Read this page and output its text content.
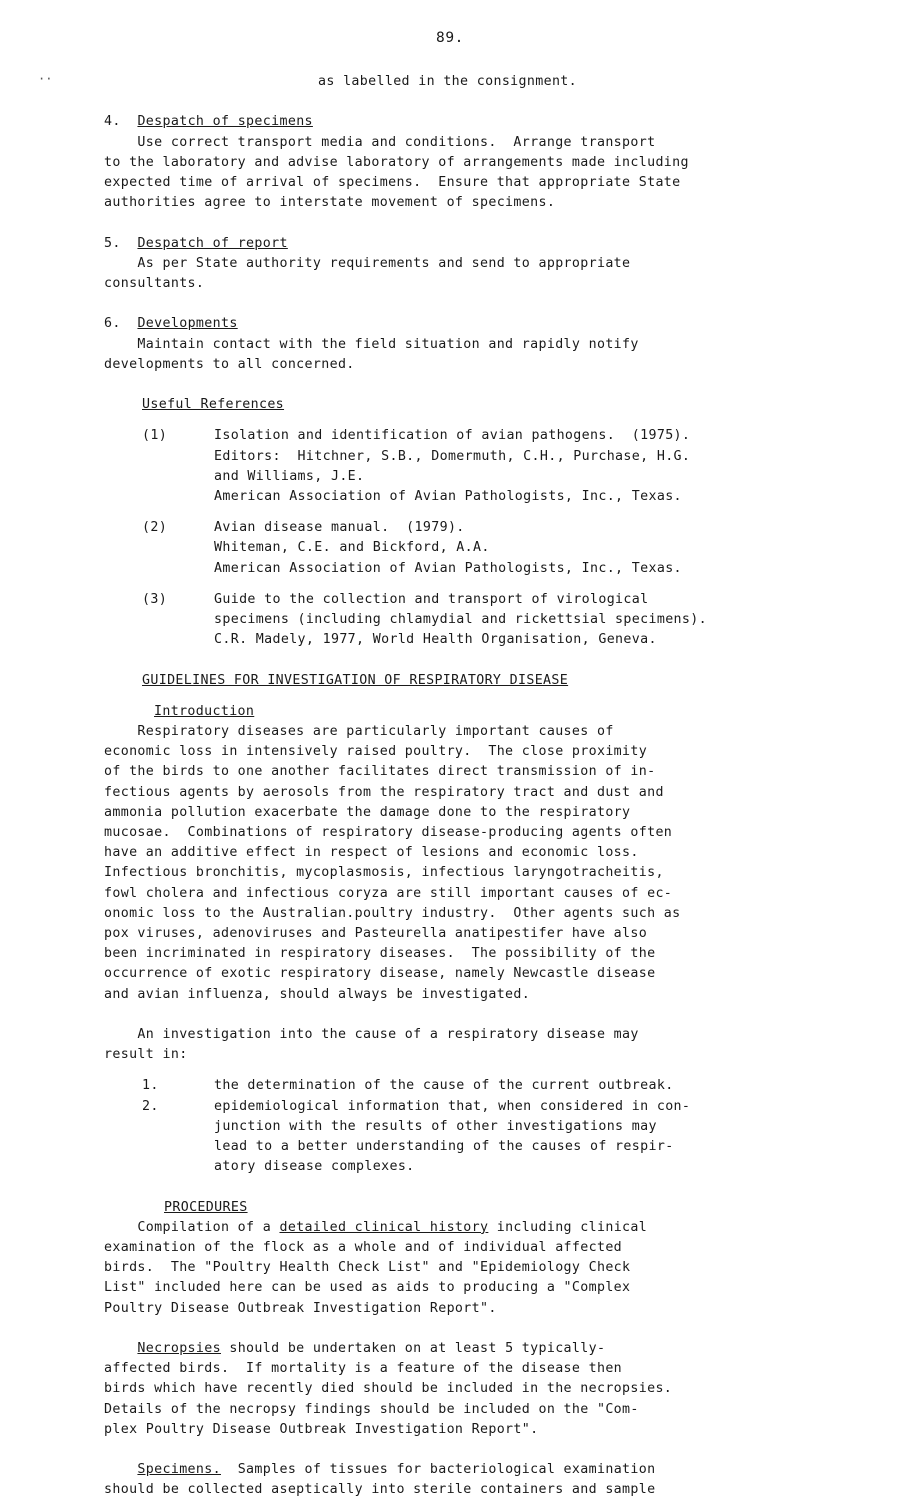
89.
··	as labelled in the consignment.
4. Despatch of specimens
Use correct transport media and conditions.  Arrange transport
to the laboratory and advise laboratory of arrangements made including
expected time of arrival of specimens.  Ensure that appropriate State
authorities agree to interstate movement of specimens.
5. Despatch of report
As per State authority requirements and send to appropriate
consultants.
6. Developments
Maintain contact with the field situation and rapidly notify
developments to all concerned.
Useful References
(1)	Isolation and identification of avian pathogens.  (1975).
Editors:  Hitchner, S.B., Domermuth, C.H., Purchase, H.G.
and Williams, J.E.
American Association of Avian Pathologists, Inc., Texas.
(2)	Avian disease manual.  (1979).
Whiteman, C.E. and Bickford, A.A.
American Association of Avian Pathologists, Inc., Texas.
(3)	Guide to the collection and transport of virological
specimens (including chlamydial and rickettsial specimens).
C.R. Madely, 1977, World Health Organisation, Geneva.
GUIDELINES FOR INVESTIGATION OF RESPIRATORY DISEASE
Introduction
Respiratory diseases are particularly important causes of
economic loss in intensively raised poultry.  The close proximity
of the birds to one another facilitates direct transmission of in-
fectious agents by aerosols from the respiratory tract and dust and
ammonia pollution exacerbate the damage done to the respiratory
mucosae.  Combinations of respiratory disease-producing agents often
have an additive effect in respect of lesions and economic loss.
Infectious bronchitis, mycoplasmosis, infectious laryngotracheitis,
fowl cholera and infectious coryza are still important causes of ec-
onomic loss to the Australian.poultry industry.  Other agents such as
pox viruses, adenoviruses and Pasteurella anatipestifer have also
been incriminated in respiratory diseases.  The possibility of the
occurrence of exotic respiratory disease, namely Newcastle disease
and avian influenza, should always be investigated.
An investigation into the cause of a respiratory disease may
result in:
1.	the determination of the cause of the current outbreak.
2.	epidemiological information that, when considered in con-
junction with the results of other investigations may
lead to a better understanding of the causes of respir-
atory disease complexes.
PROCEDURES
Compilation of a detailed clinical history including clinical
examination of the flock as a whole and of individual affected
birds.  The "Poultry Health Check List" and "Epidemiology Check
List" included here can be used as aids to producing a "Complex
Poultry Disease Outbreak Investigation Report".
Necropsies should be undertaken on at least 5 typically-
affected birds.  If mortality is a feature of the disease then
birds which have recently died should be included in the necropsies.
Details of the necropsy findings should be included on the "Com-
plex Poultry Disease Outbreak Investigation Report".
Specimens.  Samples of tissues for bacteriological examination
should be collected aseptically into sterile containers and sample
